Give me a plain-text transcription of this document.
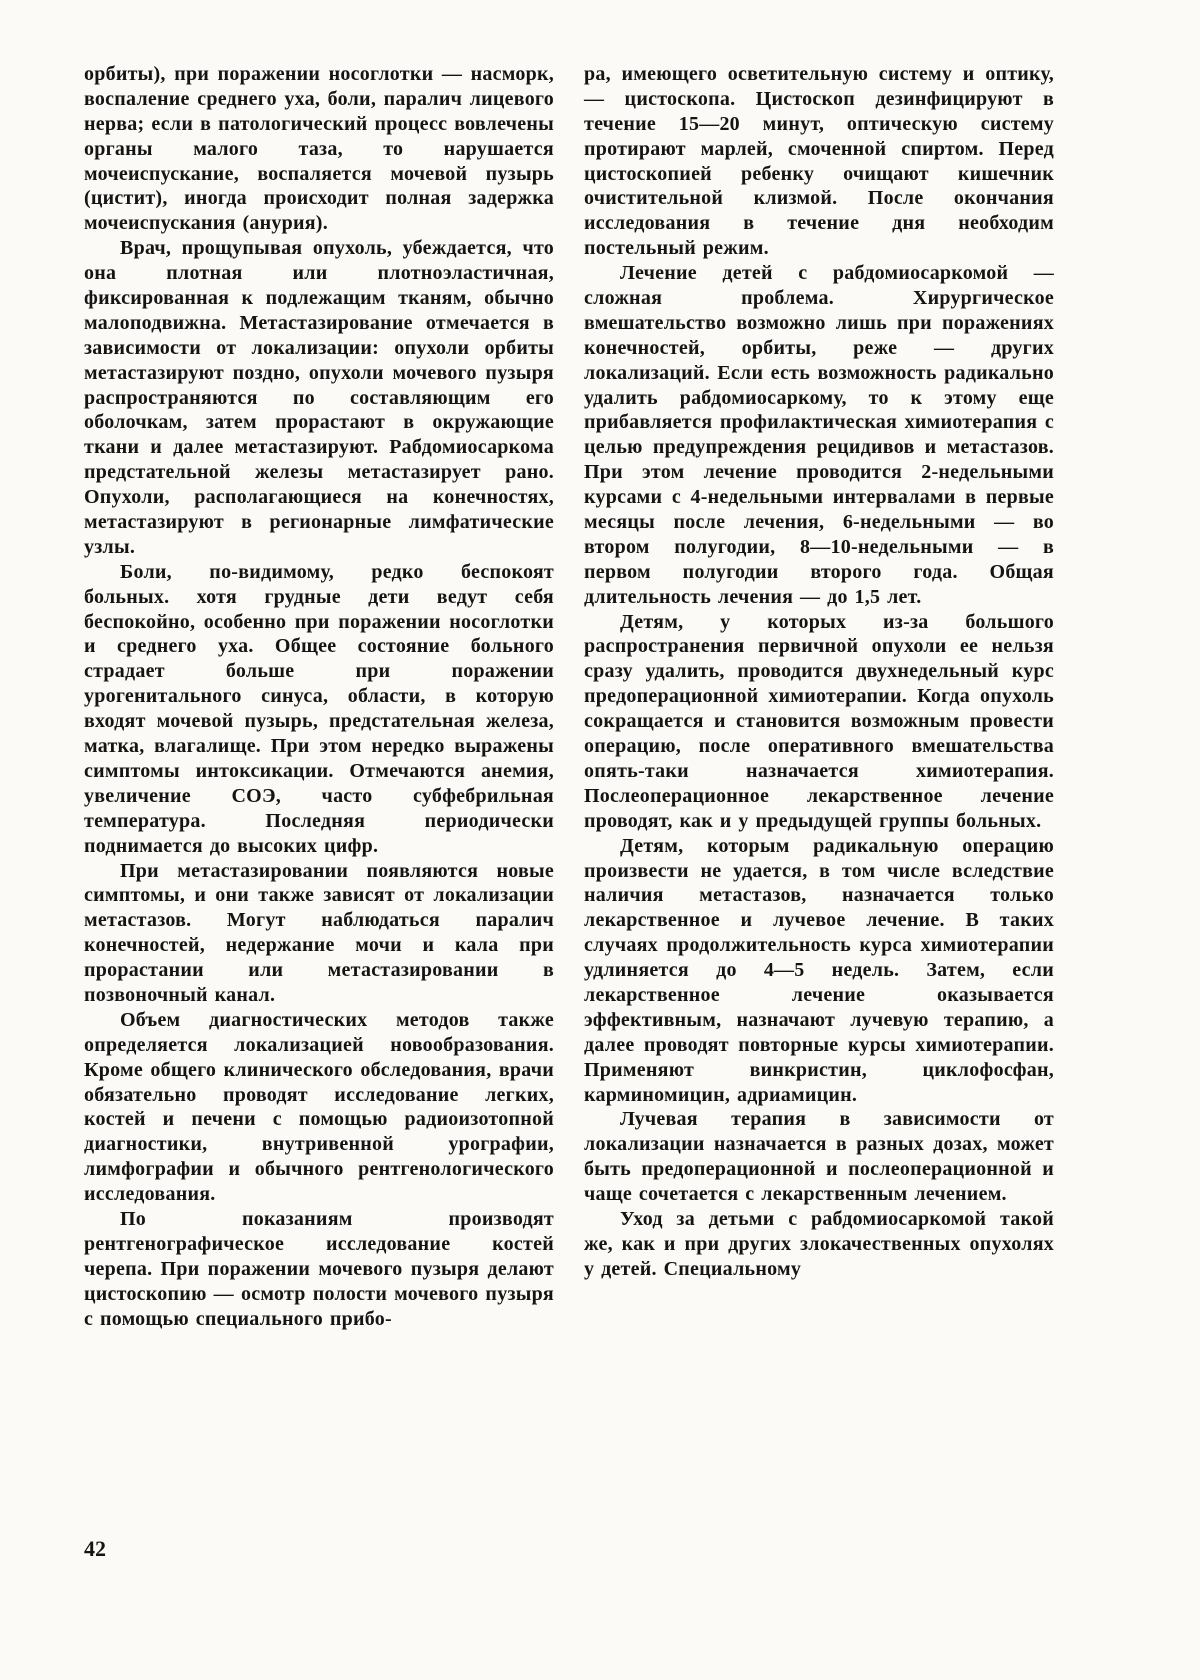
орбиты), при поражении носоглотки — насморк, воспаление среднего уха, боли, паралич лицевого нерва; если в патологический процесс вовлечены органы малого таза, то нарушается мочеиспускание, воспаляется мочевой пузырь (цистит), иногда происходит полная задержка мочеиспускания (анурия).

Врач, прощупывая опухоль, убеждается, что она плотная или плотноэластичная, фиксированная к подлежащим тканям, обычно малоподвижна. Метастазирование отмечается в зависимости от локализации: опухоли орбиты метастазируют поздно, опухоли мочевого пузыря распространяются по составляющим его оболочкам, затем прорастают в окружающие ткани и далее метастазируют. Рабдомиосаркома предстательной железы метастазирует рано. Опухоли, располагающиеся на конечностях, метастазируют в регионарные лимфатические узлы.

Боли, по-видимому, редко беспокоят больных. хотя грудные дети ведут себя беспокойно, особенно при поражении носоглотки и среднего уха. Общее состояние больного страдает больше при поражении урогенитального синуса, области, в которую входят мочевой пузырь, предстательная железа, матка, влагалище. При этом нередко выражены симптомы интоксикации. Отмечаются анемия, увеличение СОЭ, часто субфебрильная температура. Последняя периодически поднимается до высоких цифр.

При метастазировании появляются новые симптомы, и они также зависят от локализации метастазов. Могут наблюдаться паралич конечностей, недержание мочи и кала при прорастании или метастазировании в позвоночный канал.

Объем диагностических методов также определяется локализацией новообразования. Кроме общего клинического обследования, врачи обязательно проводят исследование легких, костей и печени с помощью радиоизотопной диагностики, внутривенной урографии, лимфографии и обычного рентгенологического исследования.

По показаниям производят рентгенографическое исследование костей черепа. При поражении мочевого пузыря делают цистоскопию — осмотр полости мочевого пузыря с помощью специального прибо-

ра, имеющего осветительную систему и оптику,— цистоскопа. Цистоскоп дезинфицируют в течение 15—20 минут, оптическую систему протирают марлей, смоченной спиртом. Перед цистоскопией ребенку очищают кишечник очистительной клизмой. После окончания исследования в течение дня необходим постельный режим.

Лечение детей с рабдомиосаркомой — сложная проблема. Хирургическое вмешательство возможно лишь при поражениях конечностей, орбиты, реже — других локализаций. Если есть возможность радикально удалить рабдомиосаркому, то к этому еще прибавляется профилактическая химиотерапия с целью предупреждения рецидивов и метастазов. При этом лечение проводится 2-недельными курсами с 4-недельными интервалами в первые месяцы после лечения, 6-недельными — во втором полугодии, 8—10-недельными — в первом полугодии второго года. Общая длительность лечения — до 1,5 лет.

Детям, у которых из-за большого распространения первичной опухоли ее нельзя сразу удалить, проводится двухнедельный курс предоперационной химиотерапии. Когда опухоль сокращается и становится возможным провести операцию, после оперативного вмешательства опять-таки назначается химиотерапия. Послеоперационное лекарственное лечение проводят, как и у предыдущей группы больных.

Детям, которым радикальную операцию произвести не удается, в том числе вследствие наличия метастазов, назначается только лекарственное и лучевое лечение. В таких случаях продолжительность курса химиотерапии удлиняется до 4—5 недель. Затем, если лекарственное лечение оказывается эффективным, назначают лучевую терапию, а далее проводят повторные курсы химиотерапии. Применяют винкристин, циклофосфан, карминомицин, адриамицин.

Лучевая терапия в зависимости от локализации назначается в разных дозах, может быть предоперационной и послеоперационной и чаще сочетается с лекарственным лечением.

Уход за детьми с рабдомиосаркомой такой же, как и при других злокачественных опухолях у детей. Специальному

42
